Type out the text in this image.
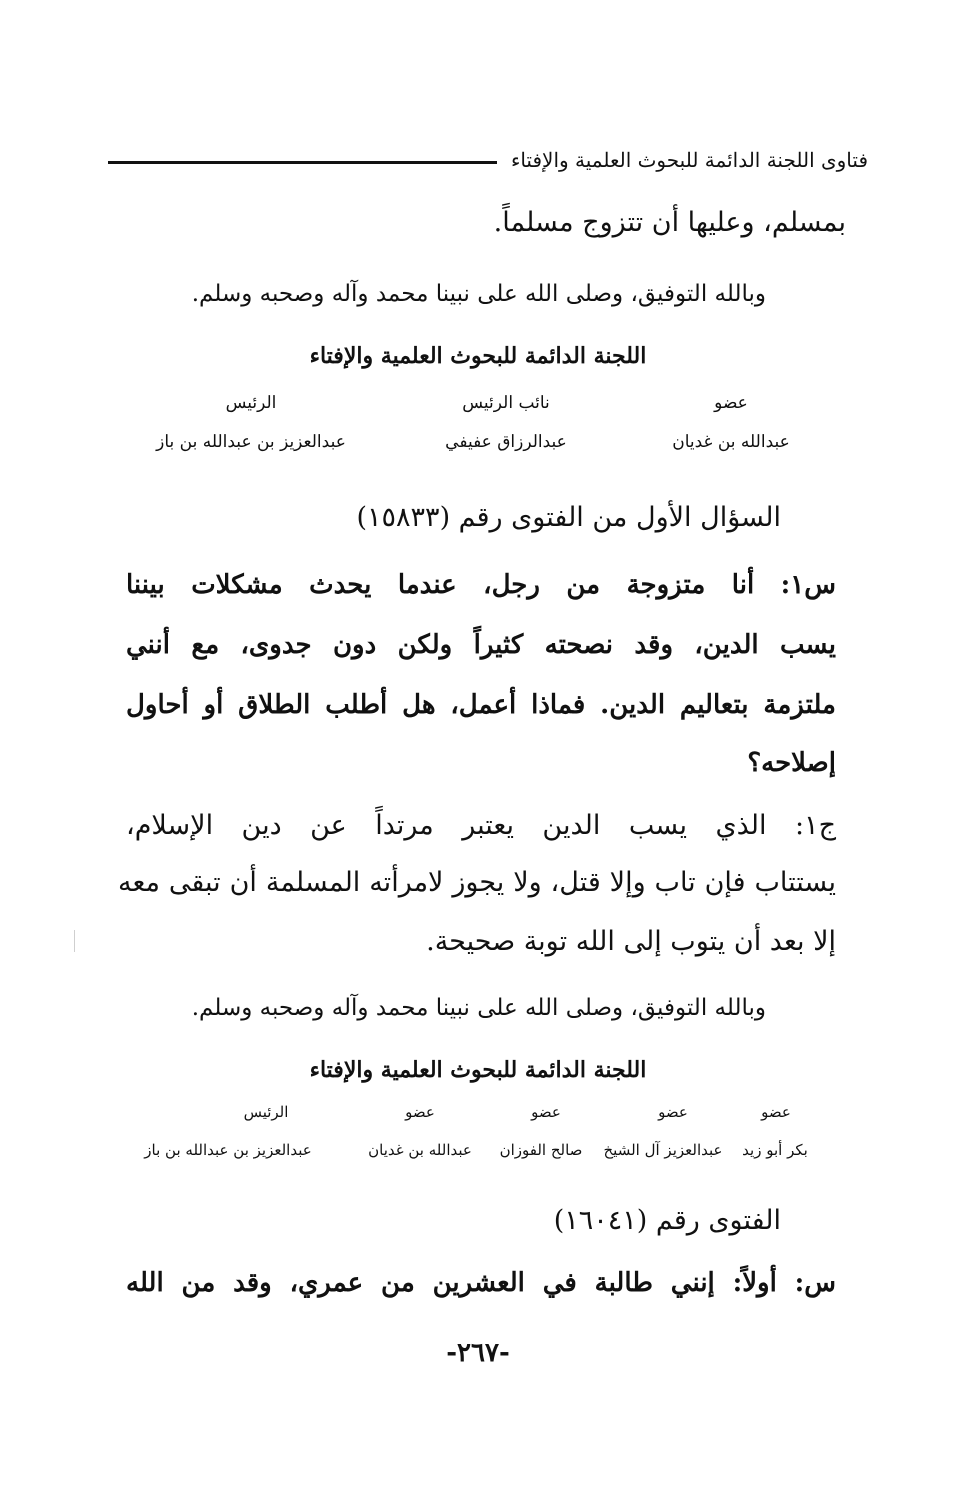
فتاوى اللجنة الدائمة للبحوث العلمية والإفتاء
بمسلم، وعليها أن تتزوج مسلماً.
وبالله التوفيق، وصلى الله على نبينا محمد وآله وصحبه وسلم.
اللجنة الدائمة للبحوث العلمية والإفتاء
عضو
عبدالله بن غديان
نائب الرئيس
عبدالرزاق عفيفي
الرئيس
عبدالعزيز بن عبدالله بن باز
السؤال الأول من الفتوى رقم (١٥٨٣٣)
س١: أنا متزوجة من رجل، عندما يحدث مشكلات بيننا
يسب الدين، وقد نصحته كثيراً ولكن دون جدوى، مع أنني
ملتزمة بتعاليم الدين. فماذا أعمل، هل أطلب الطلاق أو أحاول
إصلاحه؟
ج١: الذي يسب الدين يعتبر مرتداً عن دين الإسلام،
يستتاب فإن تاب وإلا قتل، ولا يجوز لامرأته المسلمة أن تبقى معه
إلا بعد أن يتوب إلى الله توبة صحيحة.
وبالله التوفيق، وصلى الله على نبينا محمد وآله وصحبه وسلم.
اللجنة الدائمة للبحوث العلمية والإفتاء
عضو
بكر أبو زيد
عضو
عبدالعزيز آل الشيخ
عضو
صالح الفوزان
عضو
عبدالله بن غديان
الرئيس
عبدالعزيز بن عبدالله بن باز
الفتوى رقم (١٦٠٤١)
س: أولاً: إنني طالبة في العشرين من عمري، وقد من الله
-٢٦٧-
